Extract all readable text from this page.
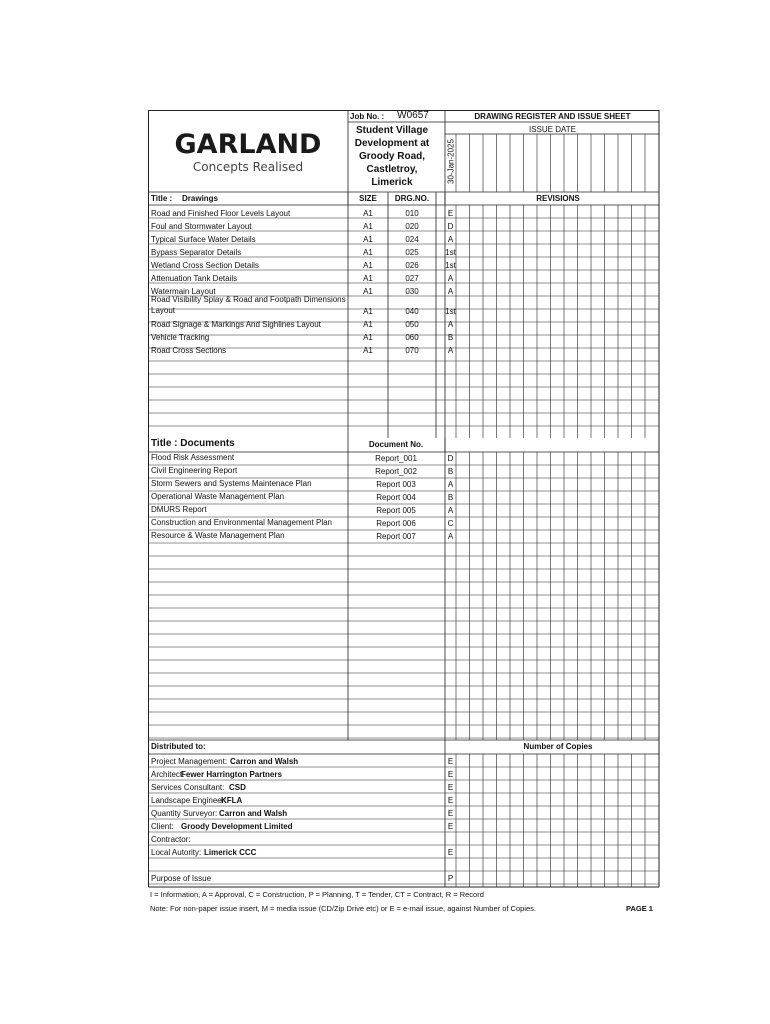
GARLAND
Concepts Realised
Job No. :	W0657	DRAWING REGISTER AND ISSUE SHEET
ISSUE DATE
Student Village
Development at
Groody Road,
Castletroy,
Limerick	30-Jan-2025
Title : Drawings	SIZE	DRG.NO.	REVISIONS
Road and Finished Floor Levels Layout	A1	010	E
Foul and Stormwater Layout	A1	020	D
Typical Surface Water Details	A1	024	A
Bypass Separator Details	A1	025	1st
Wetland Cross Section Details	A1	026	1st
Attenuation Tank Details	A1	027	A
Watermain Layout	A1	030	A
Road Visibility Splay & Road and Footpath Dimensions
Layout	A1	040	1st
Road Signage & Markings And Sighlines Layout	A1	050	A
Vehicle Tracking	A1	060	B
Road Cross Sections	A1	070	A
Title : Documents	Document No.
Flood Risk Assessment	Report_001	D
Civil Engineering Report	Report_002	B
Storm Sewers and Systems Maintenace Plan	Report 003	A
Operational Waste Management Plan	Report 004	B
DMURS Report	Report 005	A
Construction and Environmental Management Plan	Report 006	C
Resource & Waste Management Plan	Report 007	A
Distributed to:	Number of Copies
Project Management: Carron and Walsh	E
Architect:
Fewer Harrington Partners	E
Services Consultant: CSD	E
Landscape Engineer:
KFLA	E
Quantity Surveyor: Carron and Walsh	E
Client: Groody Development Limited	E
Contractor:
Local Autority: Limerick CCC	E
Purpose of Issue	P
I = Information, A = Approval, C = Construction, P = Planning, T = Tender, CT = Contract, R = Record
Note: For non-paper issue insert, M = media issue (CD/Zip Drive etc) or E = e-mail issue, against Number of Copies.	PAGE 1
